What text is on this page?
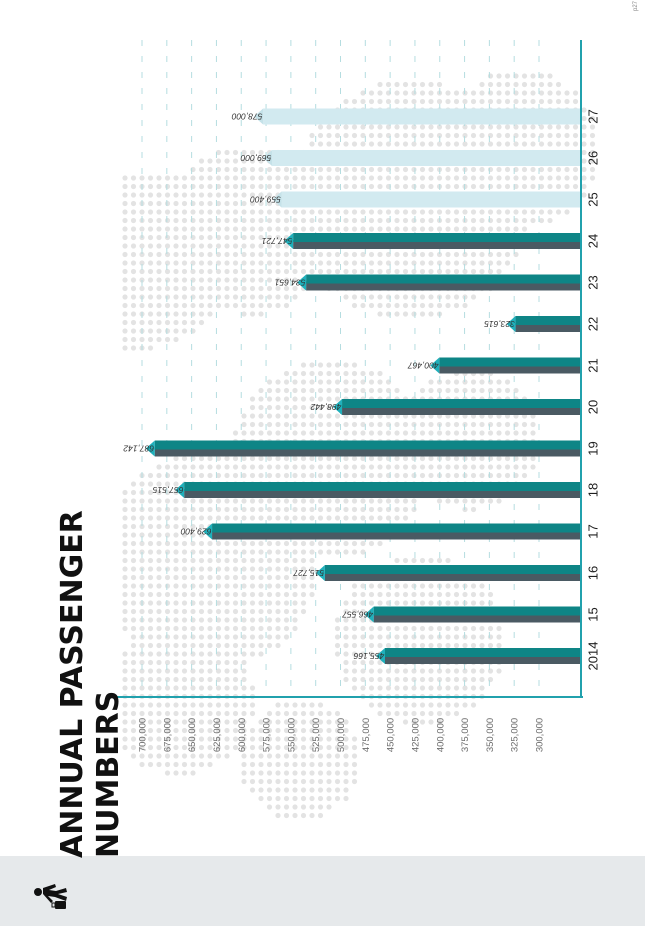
455,166	2014
466,557	15
515,727	16
629,400	17
657,515	18
687,142	19
498,442	20
400,467	21
323,615	22
534,651	23
547,721	24
559,400	25
569,000	26
578,000	27
700,000 675,000 650,000 625,000 600,000 575,000 550,000 525,000 500,000 475,000 450,000 425,000 400,000 375,000 350,000 325,000 300,000
ANNUAL PASSENGER NUMBERS
p27
